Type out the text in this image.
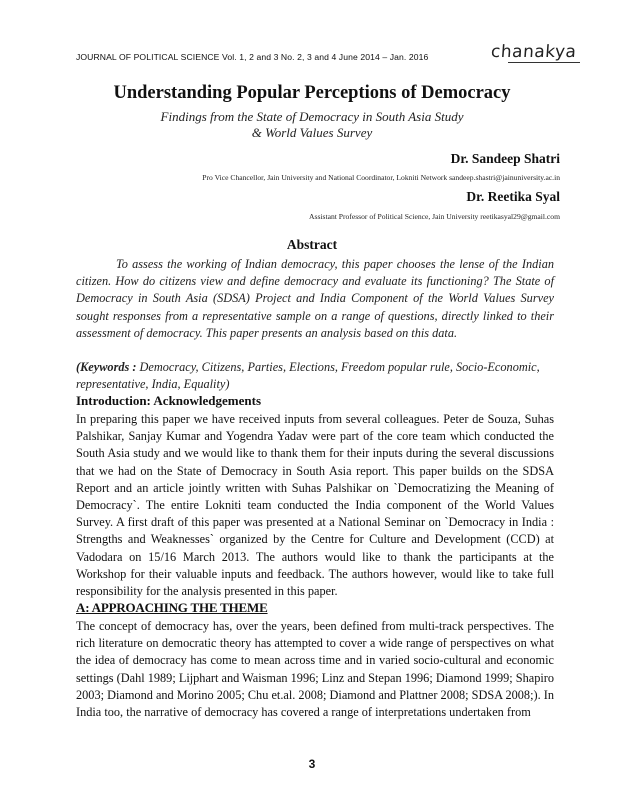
JOURNAL OF POLITICAL SCIENCE Vol. 1, 2 and 3 No. 2, 3 and 4 June 2014 – Jan. 2016	chanakya
Understanding Popular Perceptions of Democracy
Findings from the State of Democracy in South Asia Study
& World Values Survey
Dr. Sandeep Shatri
Pro Vice Chancellor, Jain University and National Coordinator, Lokniti Network sandeep.shastri@jainuniversity.ac.in
Dr. Reetika Syal
Assistant Professor of Political Science, Jain University reetikasyal29@gmail.com
Abstract
To assess the working of Indian democracy, this paper chooses the lense of the Indian citizen. How do citizens view and define democracy and evaluate its functioning? The State of Democracy in South Asia (SDSA) Project and India Component of the World Values Survey sought responses from a representative sample on a range of questions, directly linked to their assessment of democracy. This paper presents an analysis based on this data.
(Keywords : Democracy, Citizens, Parties, Elections, Freedom popular rule, Socio-Economic, representative, India, Equality)
Introduction: Acknowledgements
In preparing this paper we have received inputs from several colleagues. Peter de Souza, Suhas Palshikar, Sanjay Kumar and Yogendra Yadav were part of the core team which conducted the South Asia study and we would like to thank them for their inputs during the several discussions that we had on the State of Democracy in South Asia report. This paper builds on the SDSA Report and an article jointly written with Suhas Palshikar on `Democratizing the Meaning of Democracy`. The entire Lokniti team conducted the India component of the World Values Survey. A first draft of this paper was presented at a National Seminar on `Democracy in India : Strengths and Weaknesses` organized by the Centre for Culture and Development (CCD) at Vadodara on 15/16 March 2013. The authors would like to thank the participants at the Workshop for their valuable inputs and feedback. The authors however, would like to take full responsibility for the analysis presented in this paper.
A: APPROACHING THE THEME
The concept of democracy has, over the years, been defined from multi-track perspectives. The rich literature on democratic theory has attempted to cover a wide range of perspectives on what the idea of democracy has come to mean across time and in varied socio-cultural and economic settings (Dahl 1989; Lijphart and Waisman 1996; Linz and Stepan 1996; Diamond 1999; Shapiro 2003; Diamond and Morino 2005; Chu et.al. 2008; Diamond and Plattner 2008; SDSA 2008;). In India too, the narrative of democracy has covered a range of interpretations undertaken from
3
